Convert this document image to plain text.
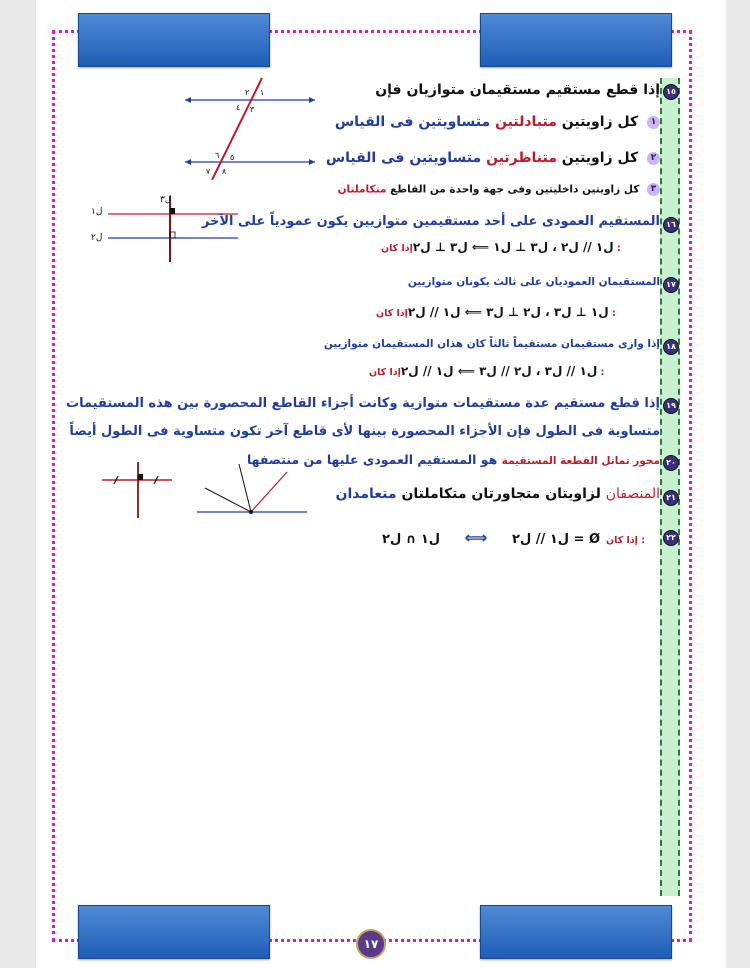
١
٢
٣
٤
٥
٦
٧ ٨
ل١
ل٢
ل٣
١٥
إذا قطع مستقيم مستقيمان متوازيان فإن
١ كل زاويتين متبادلتين متساويتين فى القياس
٢ كل زاويتين متناظرتين متساويتين فى القياس
٣ كل زاويتين داخليتين وفى جهة واحدة من القاطع متكاملتان
١٦
المستقيم العمودى على أحد مستقيمين متوازيين يكون عمودياً على الآخر
ل١ // ل٢ ، ل٣ ⊥ ل١ ⟸ ل٣ ⊥ ل٢إذا كان :
١٧
المستقيمان العموديان على ثالث يكونان متوازيين
ل١ ⊥ ل٣ ، ل٢ ⊥ ل٣ ⟸ ل١ // ل٢إذا كان :
١٨
إذا وازى مستقيمان مستقيماً ثالثاً كان هذان المستقيمان متوازيين
ل١ // ل٣ ، ل٢ // ل٣ ⟸ ل١ // ل٢إذا كان :
١٩
إذا قطع مستقيم عدة مستقيمات متوازية وكانت أجزاء القاطع المحصورة بين هذه المستقيمات
متساوية فى الطول فإن الأجزاء المحصورة بينها لأى قاطع آخر تكون متساوية فى الطول أيضاً
٢٠
محور تماثل القطعة المستقيمة هو المستقيم العمودى عليها من منتصفها
٢١
المنصفان لزاويتان متجاورتان متكاملتان متعامدان
٢٢
ل١ // ل٢ ⟺ ل١ ∩ ل٢ = Ø إذا كان :
١٧
